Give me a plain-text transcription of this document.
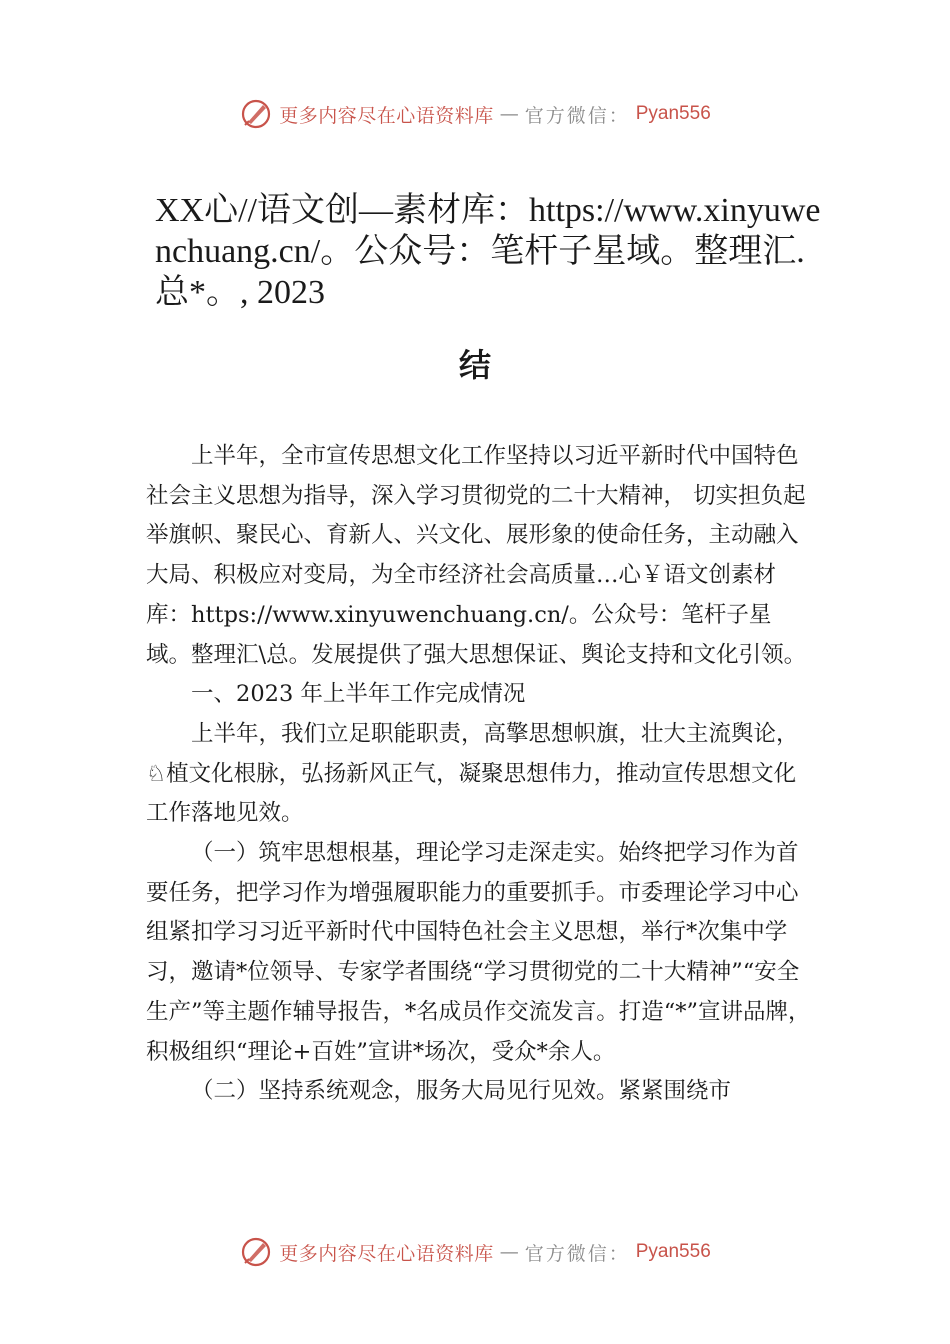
更多内容尽在心语资料库 — 官方微信： Pyan556
XX心//语文创—素材库：https://www.xinyuwenchuang.cn/。公众号：笔杆子星域。整理汇.总*。, 2023
结

上半年，全市宣传思想文化工作坚持以习近平新时代中国特色社会主义思想为指导，深入学习贯彻党的二十大精神， 切实担负起举旗帜、聚民心、育新人、兴文化、展形象的使命任务，主动融入大局、积极应对变局，为全市经济社会高质量…心￥语文创素材库：https://www.xinyuwenchuang.cn/。公众号：笔杆子星域。整理汇\总。发展提供了强大思想保证、舆论支持和文化引领。

一、2023 年上半年工作完成情况

上半年，我们立足职能职责，高擎思想帜旗，壮大主流舆论，♘植文化根脉，弘扬新风正气，凝聚思想伟力，推动宣传思想文化工作落地见效。

（一）筑牢思想根基，理论学习走深走实。始终把学习作为首要任务，把学习作为增强履职能力的重要抓手。市委理论学习中心组紧扣学习习近平新时代中国特色社会主义思想，举行*次集中学习，邀请*位领导、专家学者围绕“学习贯彻党的二十大精神”“安全生产”等主题作辅导报告，*名成员作交流发言。打造“*”宣讲品牌，积极组织“理论+百姓”宣讲*场次，受众*余人。

（二）坚持系统观念，服务大局见行见效。紧紧围绕市

更多内容尽在心语资料库 — 官方微信： Pyan556
